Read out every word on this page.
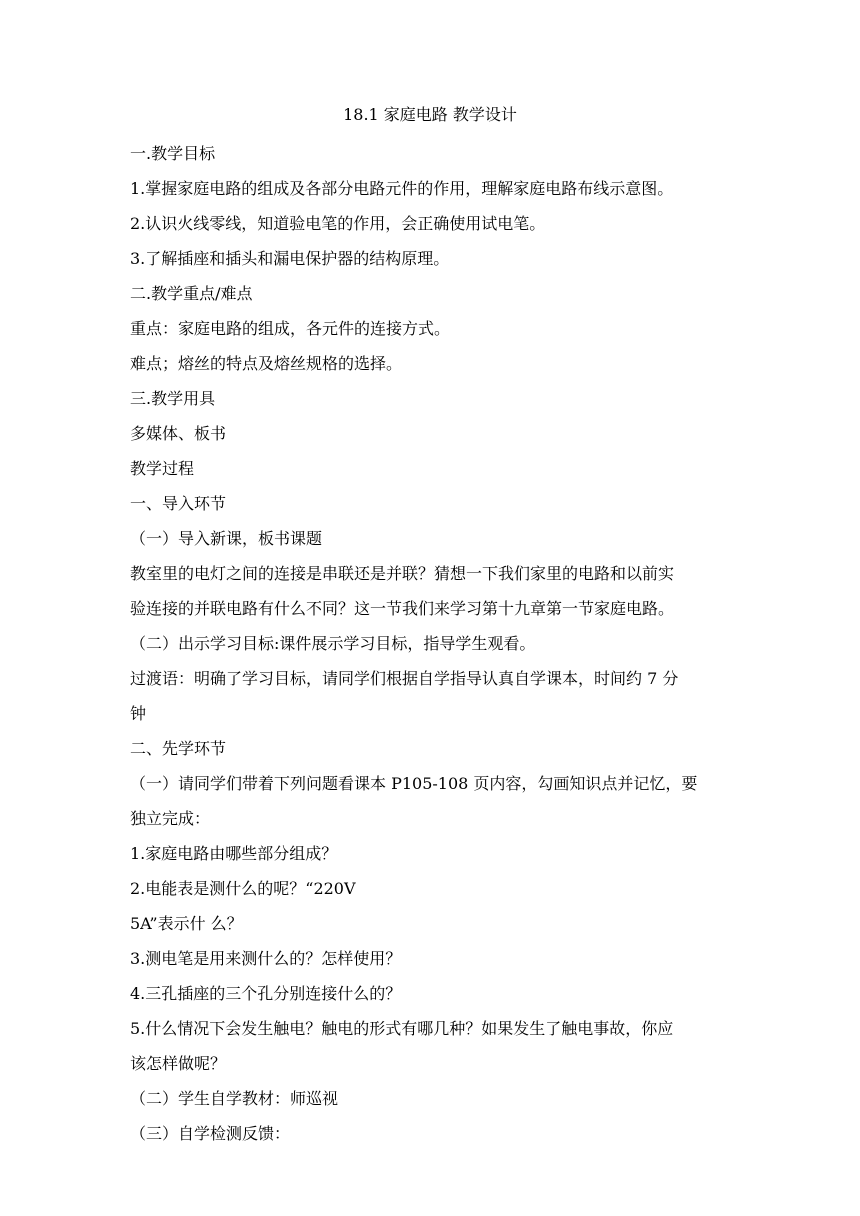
18.1 家庭电路 教学设计
一.教学目标
1.掌握家庭电路的组成及各部分电路元件的作用，理解家庭电路布线示意图。
2.认识火线零线，知道验电笔的作用，会正确使用试电笔。
3.了解插座和插头和漏电保护器的结构原理。
二.教学重点/难点
重点：家庭电路的组成，各元件的连接方式。
难点；熔丝的特点及熔丝规格的选择。
三.教学用具
多媒体、板书
教学过程
一、导入环节
（一）导入新课，板书课题
教室里的电灯之间的连接是串联还是并联？猜想一下我们家里的电路和以前实
验连接的并联电路有什么不同？这一节我们来学习第十九章第一节家庭电路。
（二）出示学习目标:课件展示学习目标，指导学生观看。
过渡语：明确了学习目标，请同学们根据自学指导认真自学课本，时间约 7 分
钟
二、先学环节
（一）请同学们带着下列问题看课本 P105-108 页内容，勾画知识点并记忆，要
独立完成：
1.家庭电路由哪些部分组成？
2.电能表是测什么的呢？“220V
5A”表示什 么？
3.测电笔是用来测什么的？怎样使用？
4.三孔插座的三个孔分别连接什么的？
5.什么情况下会发生触电？触电的形式有哪几种？如果发生了触电事故，你应
该怎样做呢？
（二）学生自学教材：师巡视
（三）自学检测反馈：
